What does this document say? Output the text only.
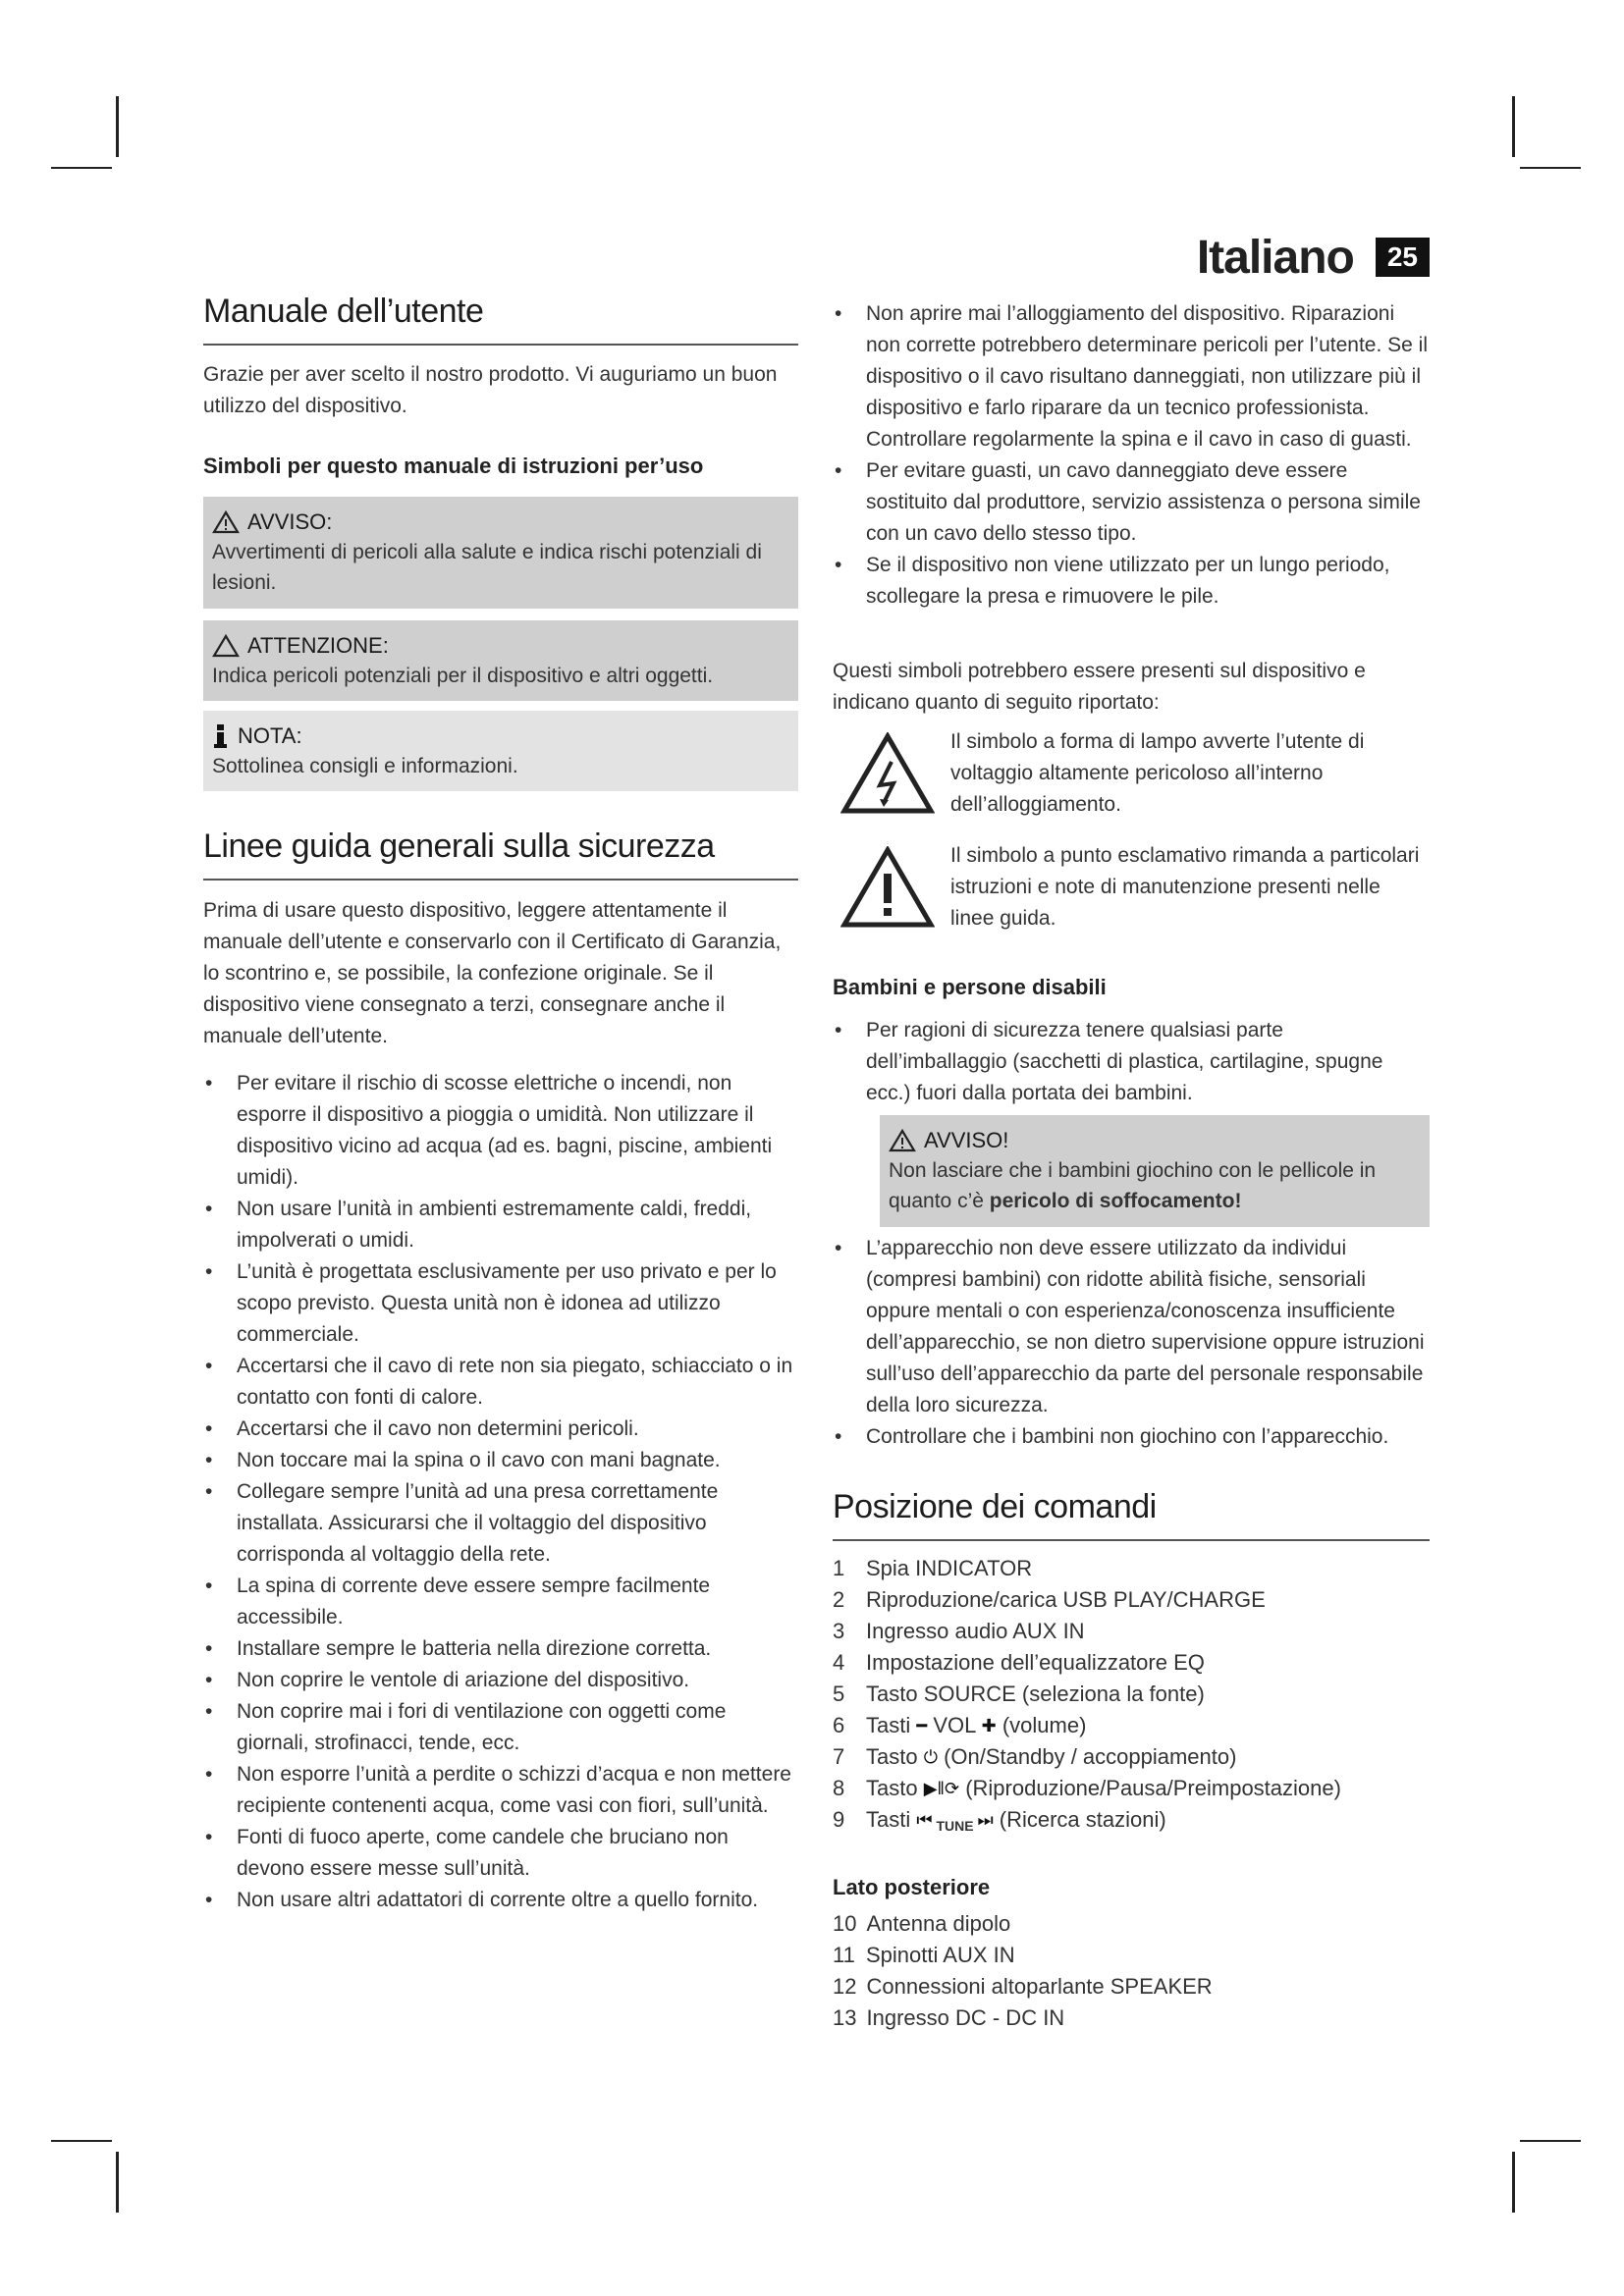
Italiano	25
Manuale dell’utente

Grazie per aver scelto il nostro prodotto. Vi auguriamo un buon utilizzo del dispositivo.

Simboli per questo manuale di istruzioni per’uso

AVVISO:
Avvertimenti di pericoli alla salute e indica rischi potenziali di lesioni.
ATTENZIONE:
Indica pericoli potenziali per il dispositivo e altri oggetti.
NOTA:
Sottolinea consigli e informazioni.
Linee guida generali sulla sicurezza

Prima di usare questo dispositivo, leggere attentamente il manuale dell’utente e conservarlo con il Certificato di Garanzia, lo scontrino e, se possibile, la confezione originale. Se il dispositivo viene consegnato a terzi, consegnare anche il manuale dell’utente.

• Per evitare il rischio di scosse elettriche o incendi, non esporre il dispositivo a pioggia o umidità. Non utilizzare il dispositivo vicino ad acqua (ad es. bagni, piscine, ambienti umidi).
• Non usare l’unità in ambienti estremamente caldi, freddi, impolverati o umidi.
• L’unità è progettata esclusivamente per uso privato e per lo scopo previsto. Questa unità non è idonea ad utilizzo commerciale.
• Accertarsi che il cavo di rete non sia piegato, schiacciato o in contatto con fonti di calore.
• Accertarsi che il cavo non determini pericoli.
• Non toccare mai la spina o il cavo con mani bagnate.
• Collegare sempre l’unità ad una presa correttamente installata. Assicurarsi che il voltaggio del dispositivo corrisponda al voltaggio della rete.
• La spina di corrente deve essere sempre facilmente accessibile.
• Installare sempre le batteria nella direzione corretta.
• Non coprire le ventole di ariazione del dispositivo.
• Non coprire mai i fori di ventilazione con oggetti come giornali, strofinacci, tende, ecc.
• Non esporre l’unità a perdite o schizzi d’acqua e non mettere recipiente contenenti acqua, come vasi con fiori, sull’unità.
• Fonti di fuoco aperte, come candele che bruciano non devono essere messe sull’unità.
• Non usare altri adattatori di corrente oltre a quello fornito.
• Non aprire mai l’alloggiamento del dispositivo. Riparazioni non corrette potrebbero determinare pericoli per l’utente. Se il dispositivo o il cavo risultano danneggiati, non utilizzare più il dispositivo e farlo riparare da un tecnico professionista. Controllare regolarmente la spina e il cavo in caso di guasti.
• Per evitare guasti, un cavo danneggiato deve essere sostituito dal produttore, servizio assistenza o persona simile con un cavo dello stesso tipo.
• Se il dispositivo non viene utilizzato per un lungo periodo, scollegare la presa e rimuovere le pile.

Questi simboli potrebbero essere presenti sul dispositivo e indicano quanto di seguito riportato:

Il simbolo a forma di lampo avverte l’utente di voltaggio altamente pericoloso all’interno dell’alloggiamento.
Il simbolo a punto esclamativo rimanda a particolari istruzioni e note di manutenzione presenti nelle linee guida.

Bambini e persone disabili

• Per ragioni di sicurezza tenere qualsiasi parte dell’imballaggio (sacchetti di plastica, cartilagine, spugne ecc.) fuori dalla portata dei bambini.
AVVISO!
Non lasciare che i bambini giochino con le pellicole in quanto c’è pericolo di soffocamento!
• L’apparecchio non deve essere utilizzato da individui (compresi bambini) con ridotte abilità fisiche, sensoriali oppure mentali o con esperienza/conoscenza insufficiente dell’apparecchio, se non dietro supervisione oppure istruzioni sull’uso dell’apparecchio da parte del personale responsabile della loro sicurezza.
• Controllare che i bambini non giochino con l’apparecchio.
Posizione dei comandi
1 Spia INDICATOR
2 Riproduzione/carica USB PLAY/CHARGE
3 Ingresso audio AUX IN
4 Impostazione dell’equalizzatore EQ
5 Tasto SOURCE (seleziona la fonte)
6 Tasti ━ VOL ✚ (volume)
7 Tasto ⏻ (On/Standby / accoppiamento)
8 Tasto ▶ǁ ⟳ (Riproduzione/Pausa/Preimpostazione)
9 Tasti ⏮ TUNE ⏭ (Ricerca stazioni)

Lato posteriore

10 Antenna dipolo
11 Spinotti AUX IN
12 Connessioni altoparlante SPEAKER
13 Ingresso DC - DC IN
